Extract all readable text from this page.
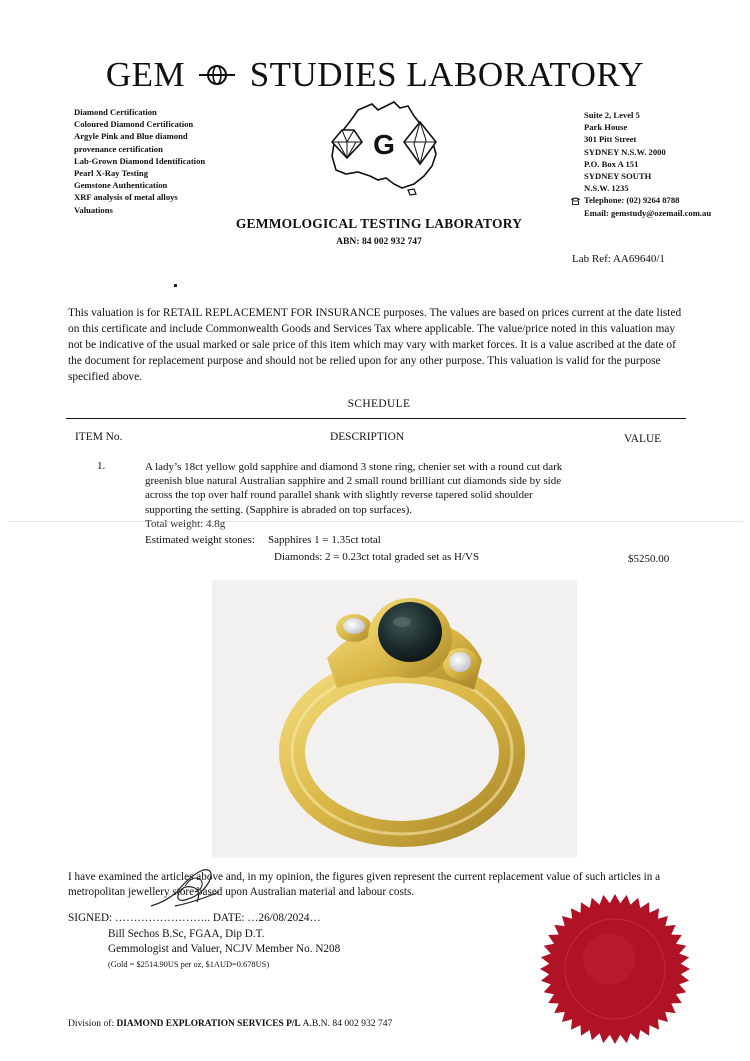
GEM STUDIES LABORATORY
Diamond Certification
Coloured Diamond Certification
Argyle Pink and Blue diamond
provenance certification
Lab-Grown Diamond Identification
Pearl X-Ray Testing
Gemstone Authentication
XRF analysis of metal alloys
Valuations
G
Suite 2, Level 5
Park House
301 Pitt Street
SYDNEY N.S.W. 2000
P.O. Box A 151
SYDNEY SOUTH
N.S.W. 1235
Telephone: (02) 9264 8788
Email: gemstudy@ozemail.com.au
GEMMOLOGICAL TESTING LABORATORY
ABN: 84 002 932 747
Lab Ref: AA69640/1
This valuation is for RETAIL REPLACEMENT FOR INSURANCE purposes. The values are based on prices current at the date listed on this certificate and include Commonwealth Goods and Services Tax where applicable. The value/price noted in this valuation may not be indicative of the usual marked or sale price of this item which may vary with market forces. It is a value ascribed at the date of the document for replacement purpose and should not be relied upon for any other purpose. This valuation is valid for the purpose specified above.
SCHEDULE
ITEM No.	DESCRIPTION	VALUE
1.	A lady’s 18ct yellow gold sapphire and diamond 3 stone ring, chenier set with a round cut dark greenish blue natural Australian sapphire and 2 small round brilliant cut diamonds side by side across the top over half round parallel shank with slightly reverse tapered solid shoulder supporting the setting. (Sapphire is abraded on top surfaces).
Total weight: 4.8g
Estimated weight stones: Sapphires 1 = 1.35ct total
Diamonds: 2 = 0.23ct total graded set as H/VS	$5250.00
I have examined the articles above and, in my opinion, the figures given represent the current replacement value of such articles in a metropolitan jewellery store based upon Australian material and labour costs.
SIGNED: …………………….. DATE: …26/08/2024…
Bill Sechos B.Sc, FGAA, Dip D.T.
Gemmologist and Valuer, NCJV Member No. N208
(Gold = $2514.90US per oz, $1AUD=0.678US)
Division of: DIAMOND EXPLORATION SERVICES P/L A.B.N. 84 002 932 747
